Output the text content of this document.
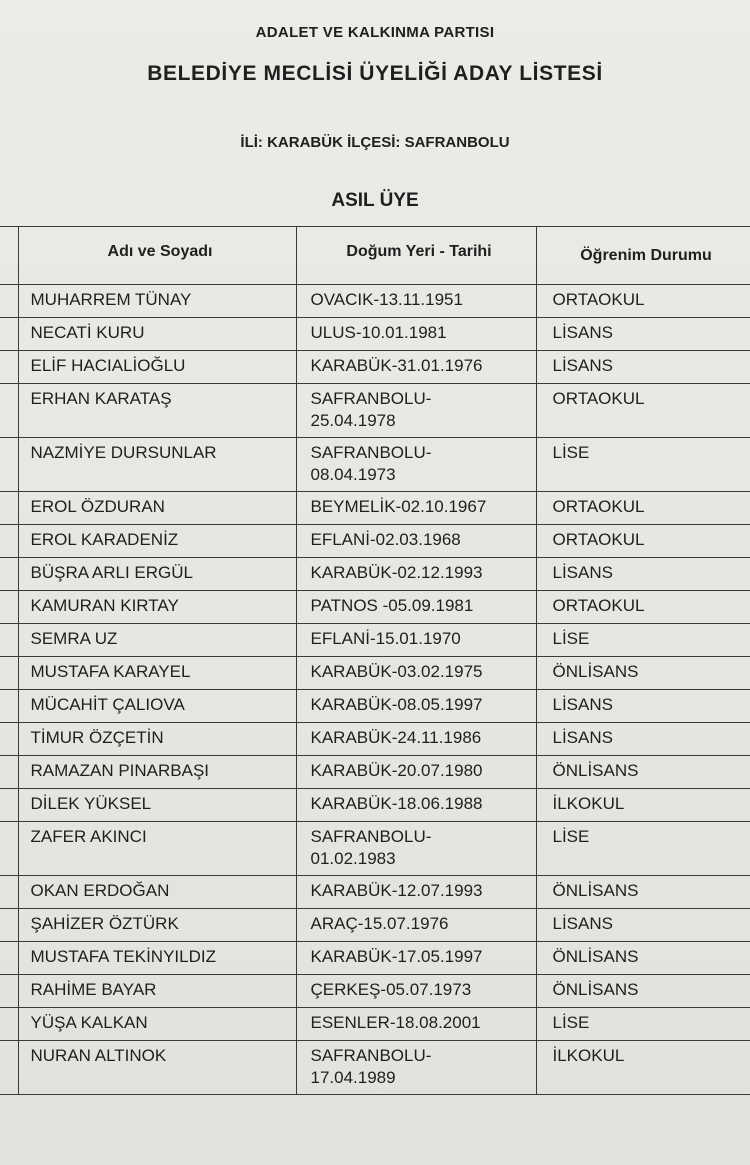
ADALET VE KALKINMA PARTISI
BELEDİYE MECLİSİ ÜYELİĞİ ADAY LİSTESİ
İLİ: KARABÜK İLÇESİ: SAFRANBOLU
ASIL ÜYE
	Adı ve Soyadı	Doğum Yeri - Tarihi	Öğrenim Durumu
	MUHARREM TÜNAY	OVACIK-13.11.1951	ORTAOKUL
	NECATİ KURU	ULUS-10.01.1981	LİSANS
	ELİF HACIALİOĞLU	KARABÜK-31.01.1976	LİSANS
	ERHAN KARATAŞ	SAFRANBOLU-
25.04.1978	ORTAOKUL
	NAZMİYE DURSUNLAR	SAFRANBOLU-
08.04.1973	LİSE
	EROL ÖZDURAN	BEYMELİK-02.10.1967	ORTAOKUL
	EROL KARADENİZ	EFLANİ-02.03.1968	ORTAOKUL
	BÜŞRA ARLI ERGÜL	KARABÜK-02.12.1993	LİSANS
	KAMURAN KIRTAY	PATNOS -05.09.1981	ORTAOKUL
	SEMRA UZ	EFLANİ-15.01.1970	LİSE
	MUSTAFA KARAYEL	KARABÜK-03.02.1975	ÖNLİSANS
	MÜCAHİT ÇALIOVA	KARABÜK-08.05.1997	LİSANS
	TİMUR ÖZÇETİN	KARABÜK-24.11.1986	LİSANS
	RAMAZAN PINARBAŞI	KARABÜK-20.07.1980	ÖNLİSANS
	DİLEK YÜKSEL	KARABÜK-18.06.1988	İLKOKUL
	ZAFER AKINCI	SAFRANBOLU-
01.02.1983	LİSE
	OKAN ERDOĞAN	KARABÜK-12.07.1993	ÖNLİSANS
	ŞAHİZER ÖZTÜRK	ARAÇ-15.07.1976	LİSANS
	MUSTAFA TEKİNYILDIZ	KARABÜK-17.05.1997	ÖNLİSANS
	RAHİME BAYAR	ÇERKEŞ-05.07.1973	ÖNLİSANS
	YÜŞA KALKAN	ESENLER-18.08.2001	LİSE
	NURAN ALTINOK	SAFRANBOLU-
17.04.1989	İLKOKUL
